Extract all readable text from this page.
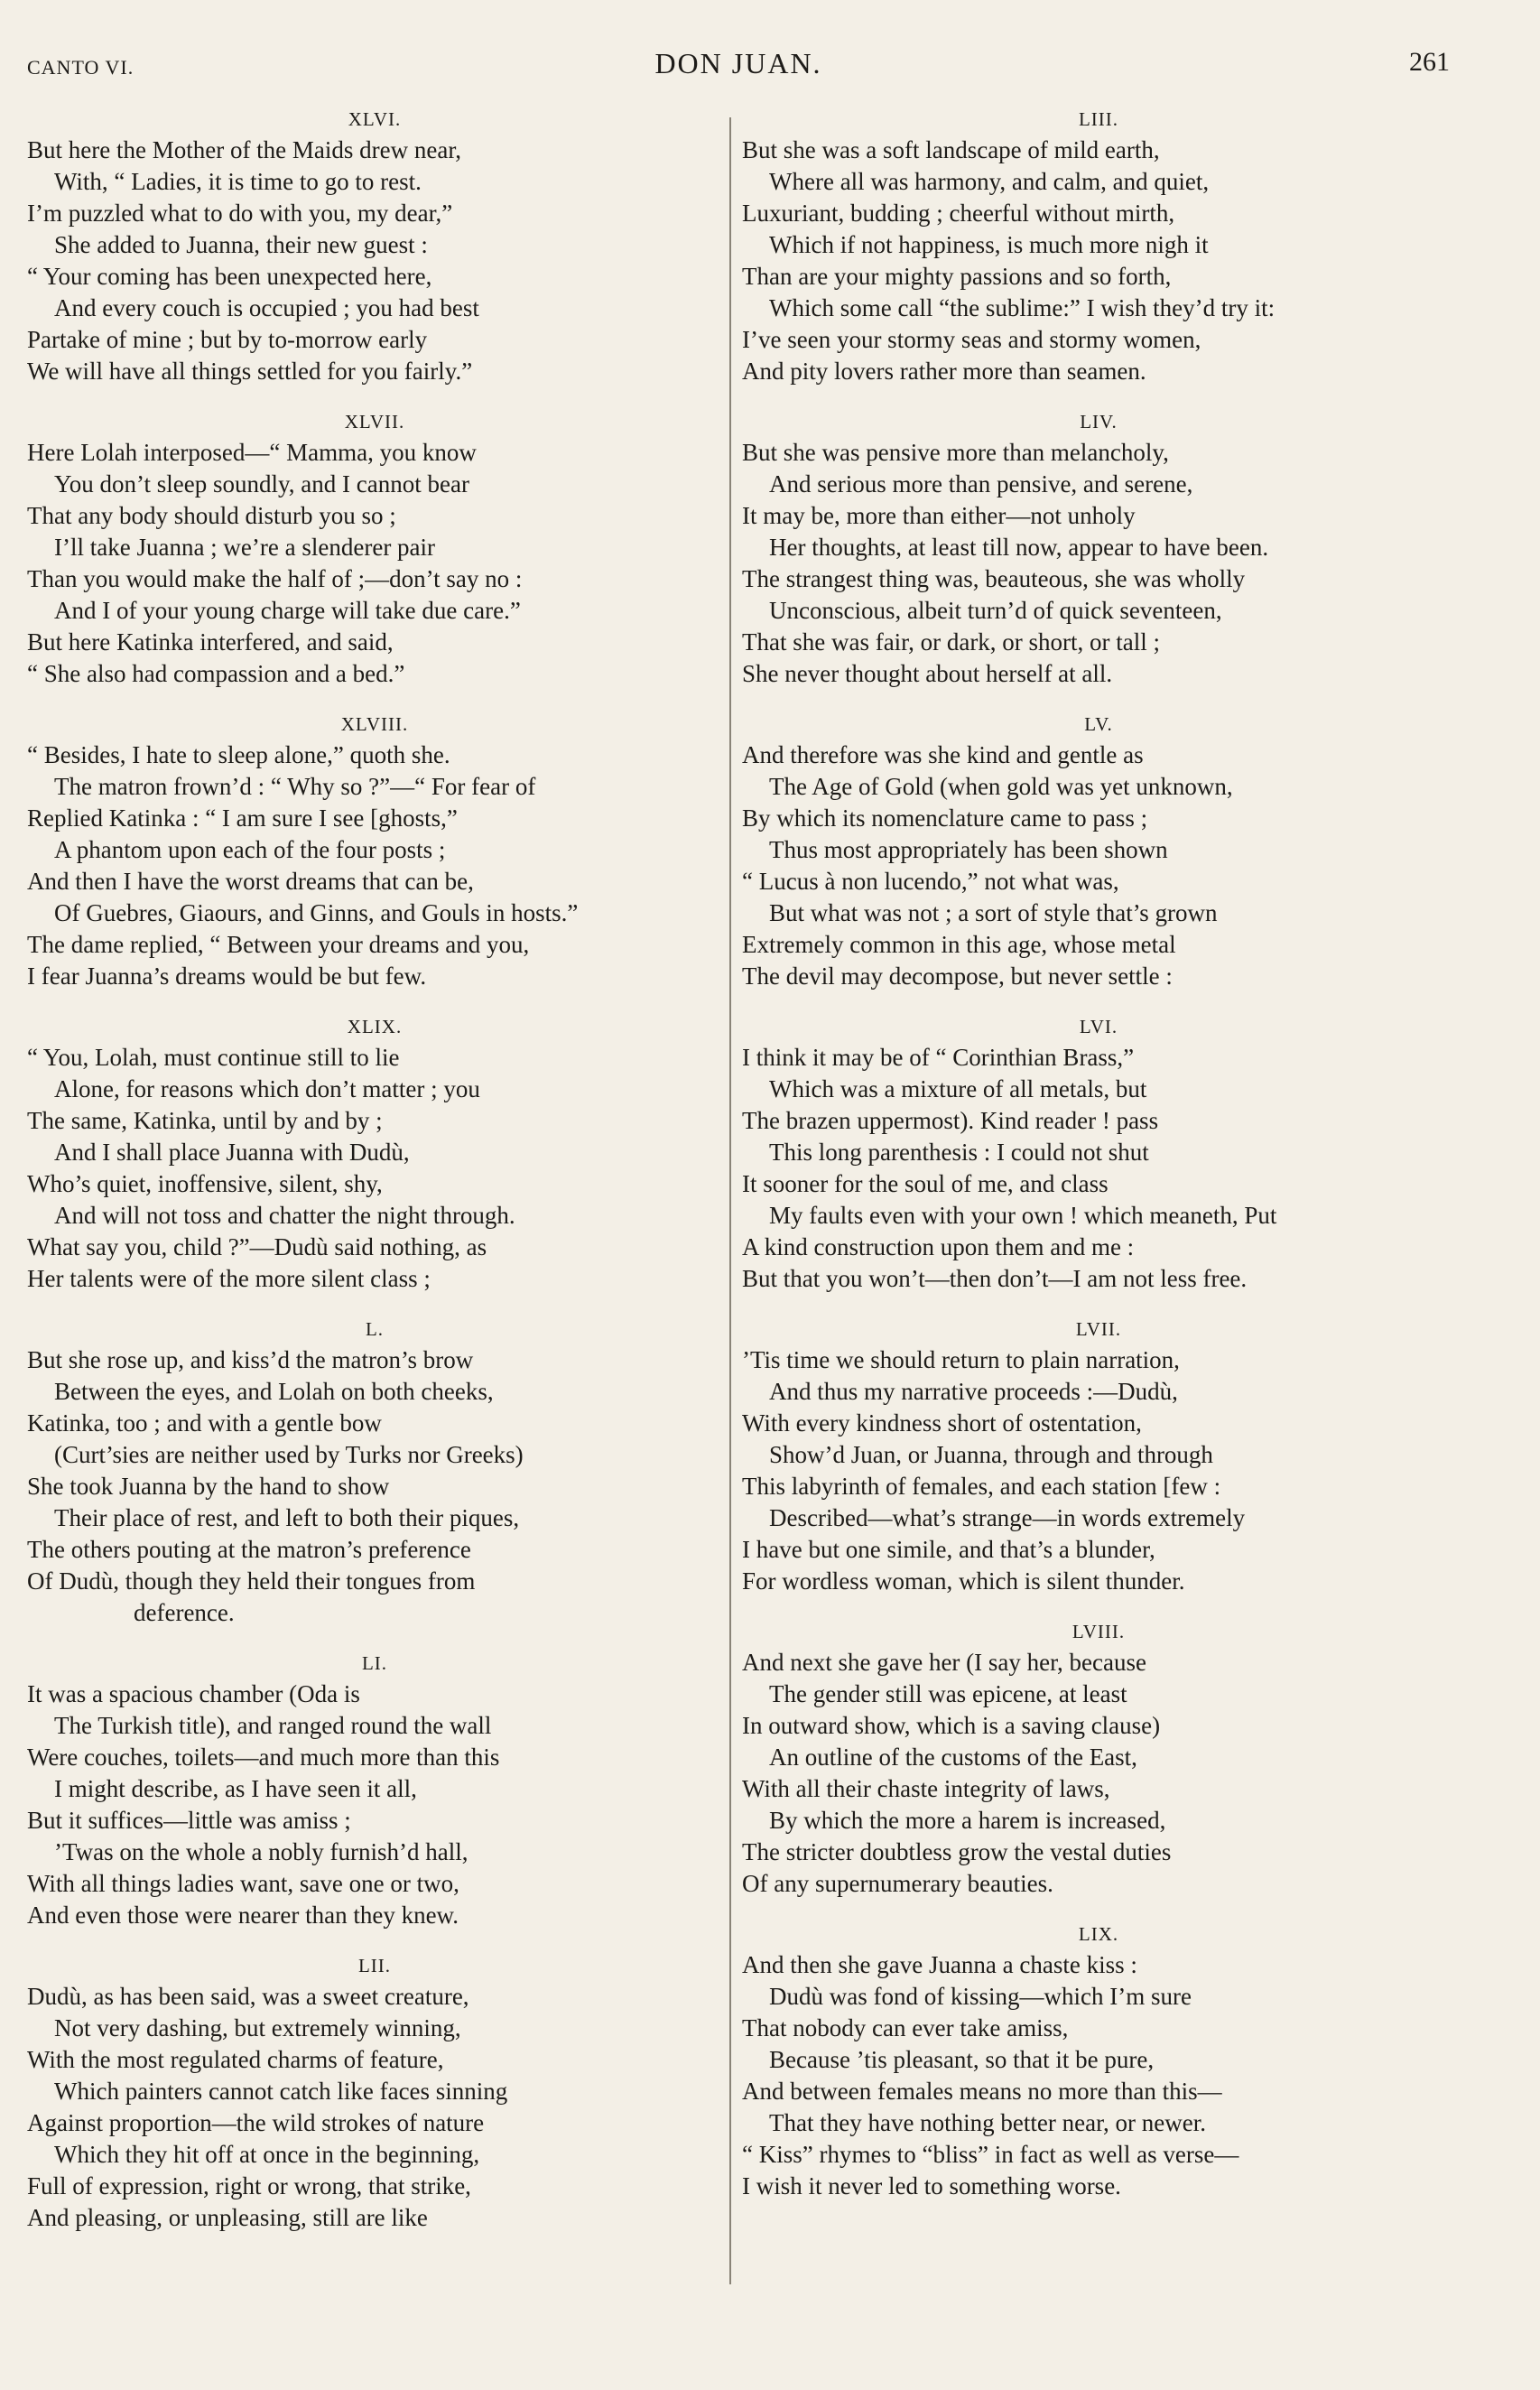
CANTO VI.	DON JUAN.	261
XLVI.
But here the Mother of the Maids drew near,
With, “ Ladies, it is time to go to rest.
I’m puzzled what to do with you, my dear,”
She added to Juanna, their new guest :
“ Your coming has been unexpected here,
And every couch is occupied ; you had best
Partake of mine ; but by to-morrow early
We will have all things settled for you fairly.”
XLVII.
Here Lolah interposed—“ Mamma, you know
You don’t sleep soundly, and I cannot bear
That any body should disturb you so ;
I’ll take Juanna ; we’re a slenderer pair
Than you would make the half of ;—don’t say no :
And I of your young charge will take due care.”
But here Katinka interfered, and said,
“ She also had compassion and a bed.”
XLVIII.
“ Besides, I hate to sleep alone,” quoth she.
The matron frown’d : “ Why so ?”—“ For fear of
Replied Katinka : “ I am sure I see [ghosts,”
A phantom upon each of the four posts ;
And then I have the worst dreams that can be,
Of Guebres, Giaours, and Ginns, and Gouls in hosts.”
The dame replied, “ Between your dreams and you,
I fear Juanna’s dreams would be but few.
XLIX.
“ You, Lolah, must continue still to lie
Alone, for reasons which don’t matter ; you
The same, Katinka, until by and by ;
And I shall place Juanna with Dudù,
Who’s quiet, inoffensive, silent, shy,
And will not toss and chatter the night through.
What say you, child ?”—Dudù said nothing, as
Her talents were of the more silent class ;
L.
But she rose up, and kiss’d the matron’s brow
Between the eyes, and Lolah on both cheeks,
Katinka, too ; and with a gentle bow
(Curt’sies are neither used by Turks nor Greeks)
She took Juanna by the hand to show
Their place of rest, and left to both their piques,
The others pouting at the matron’s preference
Of Dudù, though they held their tongues from
deference.
LI.
It was a spacious chamber (Oda is
The Turkish title), and ranged round the wall
Were couches, toilets—and much more than this
I might describe, as I have seen it all,
But it suffices—little was amiss ;
’Twas on the whole a nobly furnish’d hall,
With all things ladies want, save one or two,
And even those were nearer than they knew.
LII.
Dudù, as has been said, was a sweet creature,
Not very dashing, but extremely winning,
With the most regulated charms of feature,
Which painters cannot catch like faces sinning
Against proportion—the wild strokes of nature
Which they hit off at once in the beginning,
Full of expression, right or wrong, that strike,
And pleasing, or unpleasing, still are like
LIII.
But she was a soft landscape of mild earth,
Where all was harmony, and calm, and quiet,
Luxuriant, budding ; cheerful without mirth,
Which if not happiness, is much more nigh it
Than are your mighty passions and so forth,
Which some call “the sublime:” I wish they’d try it:
I’ve seen your stormy seas and stormy women,
And pity lovers rather more than seamen.
LIV.
But she was pensive more than melancholy,
And serious more than pensive, and serene,
It may be, more than either—not unholy
Her thoughts, at least till now, appear to have been.
The strangest thing was, beauteous, she was wholly
Unconscious, albeit turn’d of quick seventeen,
That she was fair, or dark, or short, or tall ;
She never thought about herself at all.
LV.
And therefore was she kind and gentle as
The Age of Gold (when gold was yet unknown,
By which its nomenclature came to pass ;
Thus most appropriately has been shown
“ Lucus à non lucendo,” not what was,
But what was not ; a sort of style that’s grown
Extremely common in this age, whose metal
The devil may decompose, but never settle :
LVI.
I think it may be of “ Corinthian Brass,”
Which was a mixture of all metals, but
The brazen uppermost). Kind reader ! pass
This long parenthesis : I could not shut
It sooner for the soul of me, and class
My faults even with your own ! which meaneth, Put
A kind construction upon them and me :
But that you won’t—then don’t—I am not less free.
LVII.
’Tis time we should return to plain narration,
And thus my narrative proceeds :—Dudù,
With every kindness short of ostentation,
Show’d Juan, or Juanna, through and through
This labyrinth of females, and each station [few :
Described—what’s strange—in words extremely
I have but one simile, and that’s a blunder,
For wordless woman, which is silent thunder.
LVIII.
And next she gave her (I say her, because
The gender still was epicene, at least
In outward show, which is a saving clause)
An outline of the customs of the East,
With all their chaste integrity of laws,
By which the more a harem is increased,
The stricter doubtless grow the vestal duties
Of any supernumerary beauties.
LIX.
And then she gave Juanna a chaste kiss :
Dudù was fond of kissing—which I’m sure
That nobody can ever take amiss,
Because ’tis pleasant, so that it be pure,
And between females means no more than this—
That they have nothing better near, or newer.
“ Kiss” rhymes to “bliss” in fact as well as verse—
I wish it never led to something worse.
